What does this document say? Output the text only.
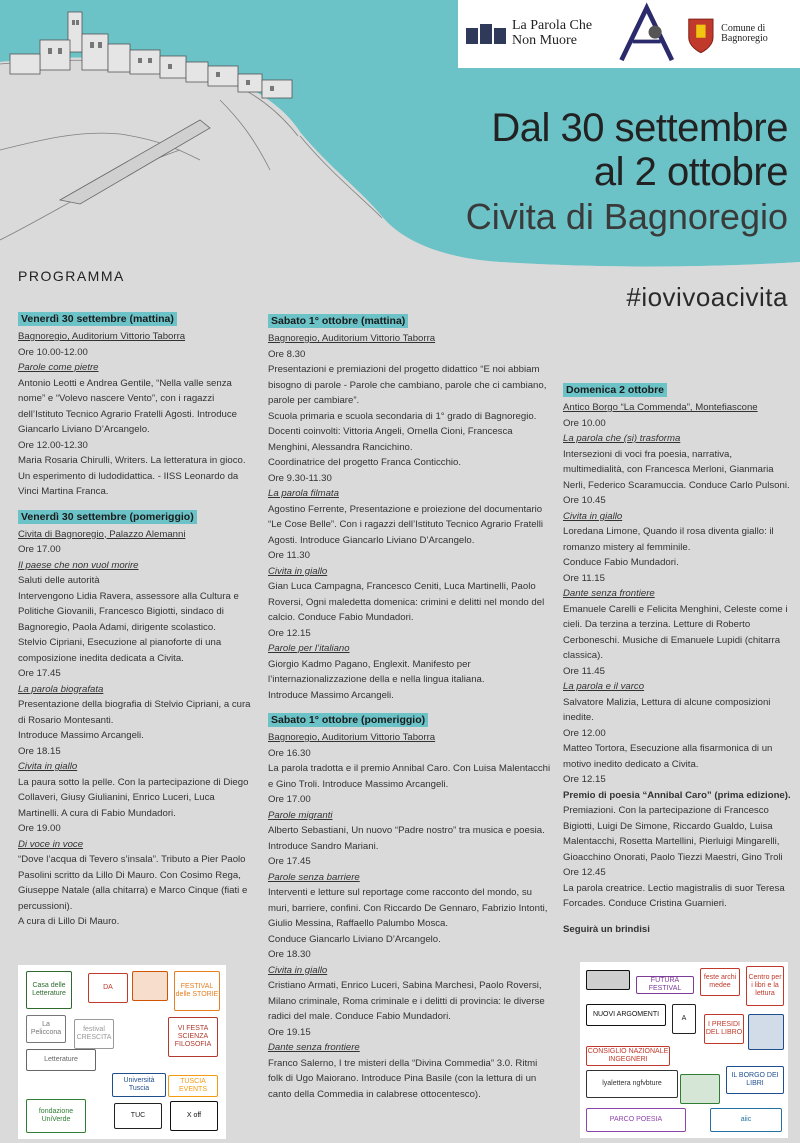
La Parola Che Non Muore
Comune di Bagnoregio
Dal 30 settembre
al 2 ottobre
Civita di Bagnoregio
#iovivoacivita
PROGRAMMA
Venerdì 30 settembre (mattina)
Bagnoregio, Auditorium Vittorio Taborra
Ore 10.00-12.00
Parole come pietre
Antonio Leotti e Andrea Gentile, “Nella valle senza nome” e “Volevo nascere Vento”, con i ragazzi dell’Istituto Tecnico Agrario Fratelli Agosti. Introduce Giancarlo Liviano D’Arcangelo.
Ore 12.00-12.30
Maria Rosaria Chirulli, Writers. La letteratura in gioco. Un esperimento di ludodidattica. - IISS Leonardo da Vinci Martina Franca.
Venerdì 30 settembre (pomeriggio)
Civita di Bagnoregio, Palazzo Alemanni
Ore 17.00
Il paese che non vuol morire
Saluti delle autorità
Intervengono Lidia Ravera, assessore alla Cultura e Politiche Giovanili, Francesco Bigiotti, sindaco di Bagnoregio, Paola Adami, dirigente scolastico.
Stelvio Cipriani, Esecuzione al pianoforte di una composizione inedita dedicata a Civita.
Ore 17.45
La parola biografata
Presentazione della biografia di Stelvio Cipriani, a cura di Rosario Montesanti.
Introduce Massimo Arcangeli.
Ore 18.15
Civita in giallo
La paura sotto la pelle. Con la partecipazione di Diego Collaveri, Giusy Giulianini, Enrico Luceri, Luca Martinelli. A cura di Fabio Mundadori.
Ore 19.00
Di voce in voce
“Dove l’acqua di Tevero s’insala”. Tributo a Pier Paolo Pasolini scritto da Lillo Di Mauro. Con Cosimo Rega, Giuseppe Natale (alla chitarra) e Marco Cinque (fiati e percussioni).
A cura di Lillo Di Mauro.
Sabato 1° ottobre (mattina)
Bagnoregio, Auditorium Vittorio Taborra
Ore 8.30
Presentazioni e premiazioni del progetto didattico “E noi abbiam bisogno di parole - Parole che cambiano, parole che ci cambiano, parole per cambiare”.
Scuola primaria e scuola secondaria di 1° grado di Bagnoregio.
Docenti coinvolti: Vittoria Angeli, Ornella Cioni, Francesca Menghini, Alessandra Rancichino.
Coordinatrice del progetto Franca Conticchio.
Ore 9.30-11.30
La parola filmata
Agostino Ferrente, Presentazione e proiezione del documentario “Le Cose Belle”. Con i ragazzi dell’Istituto Tecnico Agrario Fratelli Agosti. Introduce Giancarlo Liviano D’Arcangelo.
Ore 11.30
Civita in giallo
Gian Luca Campagna, Francesco Ceniti, Luca Martinelli, Paolo Roversi, Ogni maledetta domenica: crimini e delitti nel mondo del calcio. Conduce Fabio Mundadori.
Ore 12.15
Parole per l’italiano
Giorgio Kadmo Pagano, Englexit. Manifesto per l’internazionalizzazione della e nella lingua italiana.
Introduce Massimo Arcangeli.
Sabato 1° ottobre (pomeriggio)
Bagnoregio, Auditorium Vittorio Taborra
Ore 16.30
La parola tradotta e il premio Annibal Caro. Con Luisa Malentacchi e Gino Troli. Introduce Massimo Arcangeli.
Ore 17.00
Parole migranti
Alberto Sebastiani, Un nuovo “Padre nostro” tra musica e poesia. Introduce Sandro Mariani.
Ore 17.45
Parole senza barriere
Interventi e letture sul reportage come racconto del mondo, su muri, barriere, confini. Con Riccardo De Gennaro, Fabrizio Intonti, Giulio Messina, Raffaello Palumbo Mosca.
Conduce Giancarlo Liviano D’Arcangelo.
Ore 18.30
Civita in giallo
Cristiano Armati, Enrico Luceri, Sabina Marchesi, Paolo Roversi, Milano criminale, Roma criminale e i delitti di provincia: le diverse radici del male. Conduce Fabio Mundadori.
Ore 19.15
Dante senza frontiere
Franco Salerno, I tre misteri della “Divina Commedia” 3.0. Ritmi folk di Ugo Maiorano. Introduce Pina Basile (con la lettura di un canto della Commedia in calabrese ottocentesco).
Domenica 2 ottobre
Antico Borgo “La Commenda”, Montefiascone
Ore 10.00
La parola che (si) trasforma
Intersezioni di voci fra poesia, narrativa, multimedialità, con Francesca Merloni, Gianmaria Nerli, Federico Scaramuccia. Conduce Carlo Pulsoni.
Ore 10.45
Civita in giallo
Loredana Limone, Quando il rosa diventa giallo: il romanzo mistery al femminile.
Conduce Fabio Mundadori.
Ore 11.15
Dante senza frontiere
Emanuele Carelli e Felicita Menghini, Celeste come i cieli. Da terzina a terzina. Letture di Roberto Cerboneschi. Musiche di Emanuele Lupidi (chitarra classica).
Ore 11.45
La parola e il varco
Salvatore Malizia, Lettura di alcune composizioni inedite.
Ore 12.00
Matteo Tortora, Esecuzione alla fisarmonica di un motivo inedito dedicato a Civita.
Ore 12.15
Premio di poesia “Annibal Caro” (prima edizione).
Premiazioni. Con la partecipazione di Francesco Bigiotti, Luigi De Simone, Riccardo Gualdo, Luisa Malentacchi, Rosetta Martellini, Pierluigi Mingarelli, Gioacchino Onorati, Paolo Tiezzi Maestri, Gino Troli
Ore 12.45
La parola creatrice. Lectio magistralis di suor Teresa Forcades. Conduce Cristina Guarnieri.
Seguirà un brindisi
Casa delle Letterature
DA	FESTIVAL delle STORIE
La Peliccona	festival CRESCITA
VI FESTA SCIENZA FILOSOFIA
Letterature
Università Tuscia
TUSCIA EVENTS
fondazione UniVerde
TUC	X off
FUTURA FESTIVAL
feste archi medee
Centro per i libri e la lettura
NUOVI ARGOMENTI
A
I PRESIDI DEL LIBRO
CONSIGLIO NAZIONALE INGEGNERI
lyalettera ngfvbture
IL BORGO DEI LIBRI
PARCO POESIA	aiic
